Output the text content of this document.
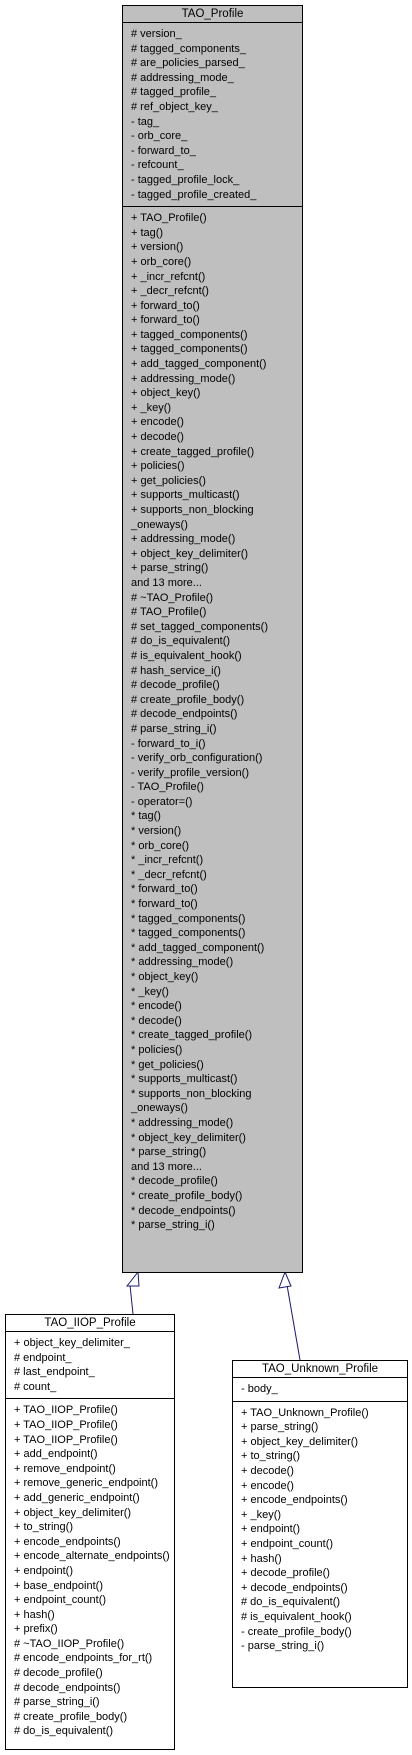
TAO_Profile
# version_
# tagged_components_
# are_policies_parsed_
# addressing_mode_
# tagged_profile_
# ref_object_key_
- tag_
- orb_core_
- forward_to_
- refcount_
- tagged_profile_lock_
- tagged_profile_created_
+ TAO_Profile()
+ tag()
+ version()
+ orb_core()
+ _incr_refcnt()
+ _decr_refcnt()
+ forward_to()
+ forward_to()
+ tagged_components()
+ tagged_components()
+ add_tagged_component()
+ addressing_mode()
+ object_key()
+ _key()
+ encode()
+ decode()
+ create_tagged_profile()
+ policies()
+ get_policies()
+ supports_multicast()
+ supports_non_blocking
_oneways()
+ addressing_mode()
+ object_key_delimiter()
+ parse_string()
and 13 more...
# ~TAO_Profile()
# TAO_Profile()
# set_tagged_components()
# do_is_equivalent()
# is_equivalent_hook()
# hash_service_i()
# decode_profile()
# create_profile_body()
# decode_endpoints()
# parse_string_i()
- forward_to_i()
- verify_orb_configuration()
- verify_profile_version()
- TAO_Profile()
- operator=()
* tag()
* version()
* orb_core()
* _incr_refcnt()
* _decr_refcnt()
* forward_to()
* forward_to()
* tagged_components()
* tagged_components()
* add_tagged_component()
* addressing_mode()
* object_key()
* _key()
* encode()
* decode()
* create_tagged_profile()
* policies()
* get_policies()
* supports_multicast()
* supports_non_blocking
_oneways()
* addressing_mode()
* object_key_delimiter()
* parse_string()
and 13 more...
* decode_profile()
* create_profile_body()
* decode_endpoints()
* parse_string_i()
TAO_IIOP_Profile
+ object_key_delimiter_
# endpoint_
# last_endpoint_
# count_
+ TAO_IIOP_Profile()
+ TAO_IIOP_Profile()
+ TAO_IIOP_Profile()
+ add_endpoint()
+ remove_endpoint()
+ remove_generic_endpoint()
+ add_generic_endpoint()
+ object_key_delimiter()
+ to_string()
+ encode_endpoints()
+ encode_alternate_endpoints()
+ endpoint()
+ base_endpoint()
+ endpoint_count()
+ hash()
+ prefix()
# ~TAO_IIOP_Profile()
# encode_endpoints_for_rt()
# decode_profile()
# decode_endpoints()
# parse_string_i()
# create_profile_body()
# do_is_equivalent()
TAO_Unknown_Profile
- body_
+ TAO_Unknown_Profile()
+ parse_string()
+ object_key_delimiter()
+ to_string()
+ decode()
+ encode()
+ encode_endpoints()
+ _key()
+ endpoint()
+ endpoint_count()
+ hash()
+ decode_profile()
+ decode_endpoints()
# do_is_equivalent()
# is_equivalent_hook()
- create_profile_body()
- parse_string_i()
